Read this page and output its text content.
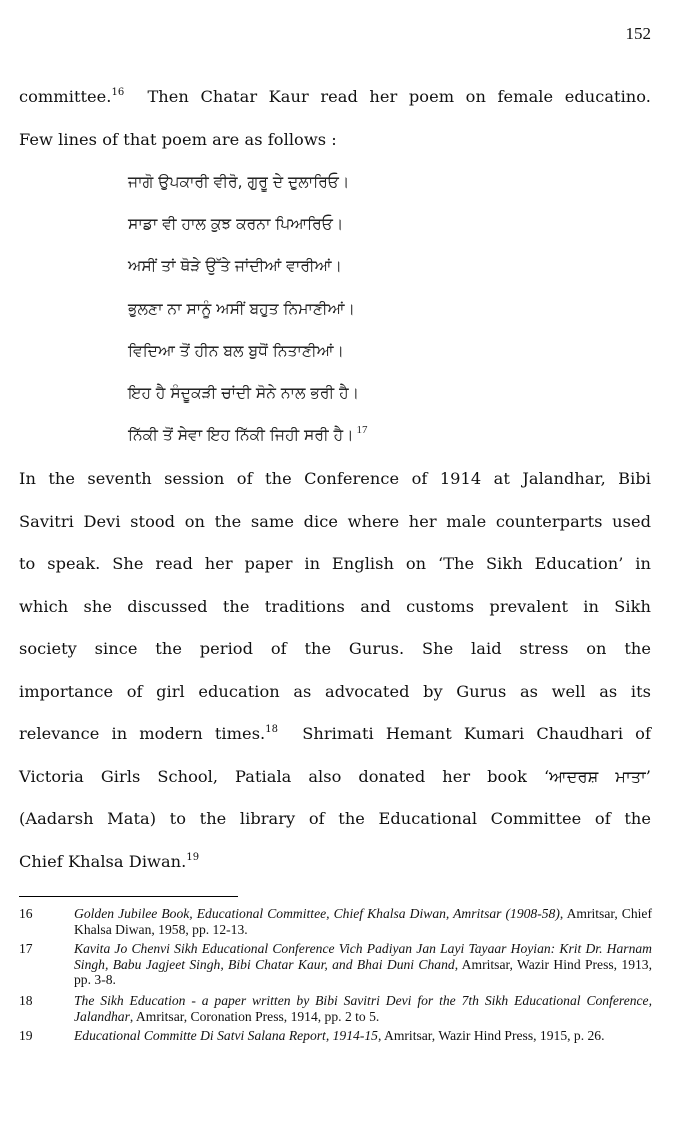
152
committee.$^{16}$  Then Chatar Kaur read her poem on female educatino.
Few lines of that poem are as follows :
ਜਾਗੋ ਉਪਕਾਰੀ ਵੀਰੋ, ਗੁਰੂ ਦੇ ਦੁਲਾਰਿਓ।
ਸਾਡਾ ਵੀ ਹਾਲ ਕੁਝ ਕਰਨਾ ਪਿਆਰਿਓ।
ਅਸੀਂ ਤਾਂ ਥੋੜੇ ਉੱਤੇ ਜਾਂਦੀਆਂ ਵਾਰੀਆਂ।
ਭੁਲਣਾ ਨਾ ਸਾਨੂੰ ਅਸੀਂ ਬਹੁਤ ਨਿਮਾਣੀਆਂ।
ਵਿਦਿਆ ਤੋਂ ਹੀਨ ਬਲ ਬੁਧੋਂ ਨਿਤਾਣੀਆਂ।
ਇਹ ਹੈ ਸੰਦੂਕੜੀ ਚਾਂਦੀ ਸੋਨੇ ਨਾਲ ਭਰੀ ਹੈ।
ਨਿੱਕੀ ਤੋਂ ਸੇਵਾ ਇਹ ਨਿੱਕੀ ਜਿਹੀ ਸਰੀ ਹੈ। $^{17}$
In the seventh session of the Conference of 1914 at Jalandhar, Bibi
Savitri Devi stood on the same dice where her male counterparts used
to speak. She read her paper in English on ‘The Sikh Education’ in
which she discussed the traditions and customs prevalent in Sikh
society since the period of the Gurus. She laid stress on the
importance of girl education as advocated by Gurus as well as its
relevance in modern times.$^{18}$  Shrimati Hemant Kumari Chaudhari of
Victoria Girls School, Patiala also donated her book ‘ਆਦਰਸ਼ ਮਾਤਾ’
(Aadarsh Mata) to the library of the Educational Committee of the
Chief Khalsa Diwan.$^{19}$
16	Golden Jubilee Book, Educational Committee, Chief Khalsa Diwan, Amritsar (1908-58), Amritsar, Chief Khalsa Diwan, 1958, pp. 12-13.
17	Kavita Jo Chenvi Sikh Educational Conference Vich Padiyan Jan Layi Tayaar Hoyian: Krit Dr. Harnam Singh, Babu Jagjeet Singh, Bibi Chatar Kaur, and Bhai Duni Chand, Amritsar, Wazir Hind Press, 1913, pp. 3-8.
18	The Sikh Education - a paper written by Bibi Savitri Devi for the 7th Sikh Educational Conference, Jalandhar, Amritsar, Coronation Press, 1914, pp. 2 to 5.
19	Educational Committe Di Satvi Salana Report, 1914-15, Amritsar, Wazir Hind Press, 1915, p. 26.
